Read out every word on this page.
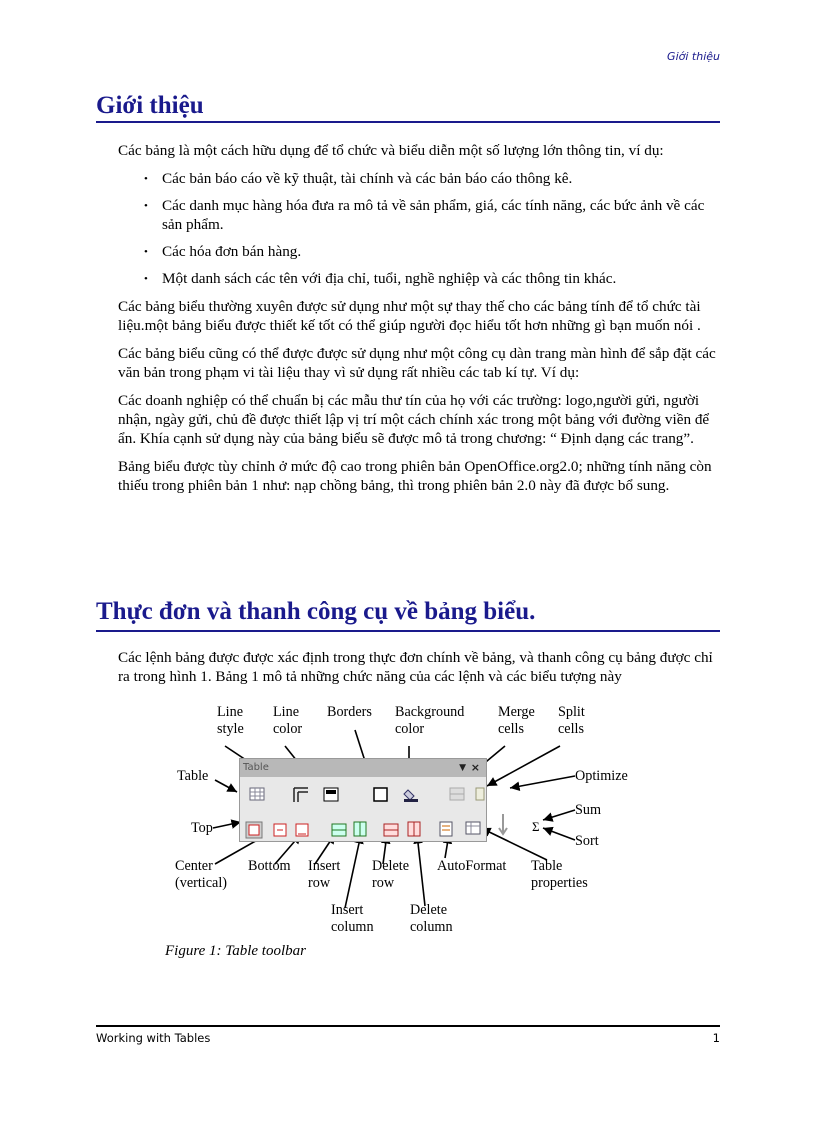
Giới thiệu
Giới thiệu

Các bảng là một cách hữu dụng để tổ chức và biểu diễn một số lượng lớn thông tin, ví dụ:

• Các bản báo cáo về kỹ thuật, tài chính và các bản báo cáo thông kê.
• Các danh mục hàng hóa đưa ra mô tả về sản phẩm, giá, các tính năng, các bức ảnh về các sản phẩm.
• Các hóa đơn bán hàng.
• Một danh sách các tên với địa chỉ, tuổi, nghề nghiệp và các thông tin khác.

Các bảng biểu thường xuyên được sử dụng như một sự thay thế cho các bảng tính để tổ chức tài liệu.một bảng biểu được thiết kế tốt có thể giúp người đọc hiểu tốt hơn những gì bạn muốn nói .

Các bảng biểu cũng có thể được được sử dụng như một công cụ dàn trang màn hình để sắp đặt các văn bản trong phạm vi tài liệu thay vì sử dụng rất nhiều các tab kí tự. Ví dụ:

Các doanh nghiệp có thể chuẩn bị các mẫu thư tín của họ với các trường: logo,người gửi, người nhận, ngày gửi, chủ đề được thiết lập vị trí một cách chính xác trong một bảng với đường viền để ẩn. Khía cạnh sử dụng này của bảng biểu sẽ được mô tả trong chương: “ Định dạng các trang”.

Bảng biểu được tùy chỉnh ở mức độ cao trong phiên bản OpenOffice.org2.0; những tính năng còn thiếu trong phiên bản 1 như: nạp chồng bảng, thì trong phiên bản 2.0 này đã được bổ sung.

Thực đơn và thanh công cụ về bảng biểu.

Các lệnh bảng được được xác định trong thực đơn chính về bảng, và thanh công cụ bảng được chỉ ra trong hình 1. Bảng 1 mô tả những chức năng của các lệnh và các biểu tượng này

Table	▼ ×
Σ
Line
style
Line
color
Borders Background
color
Merge
cells
Split
cells
Table	Optimize
Sum
Top
Sort
Center
(vertical)
Bottom Insert
row
Delete
row
AutoFormat Table
properties
Insert
column
Delete
column
Figure 1: Table toolbar
Working with Tables	1
